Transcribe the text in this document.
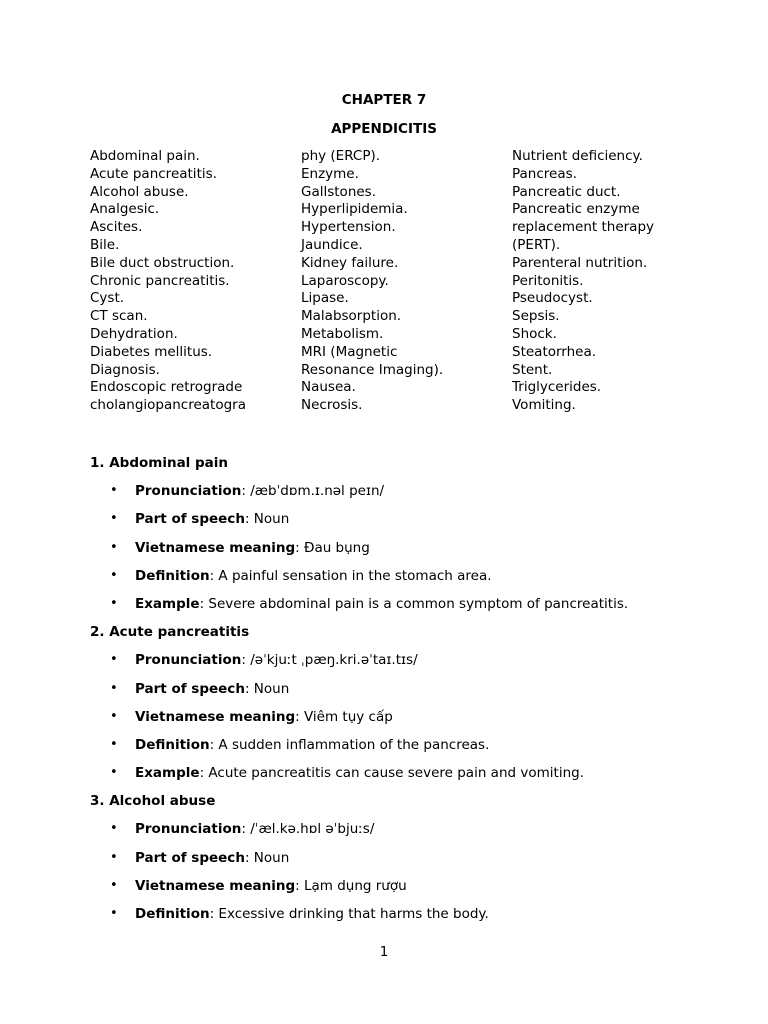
CHAPTER 7
APPENDICITIS
Abdominal pain.
Acute pancreatitis.
Alcohol abuse.
Analgesic.
Ascites.
Bile.
Bile duct obstruction.
Chronic pancreatitis.
Cyst.
CT scan.
Dehydration.
Diabetes mellitus.
Diagnosis.
Endoscopic retrograde
cholangiopancreatogra
phy (ERCP).
Enzyme.
Gallstones.
Hyperlipidemia.
Hypertension.
Jaundice.
Kidney failure.
Laparoscopy.
Lipase.
Malabsorption.
Metabolism.
MRI (Magnetic
Resonance Imaging).
Nausea.
Necrosis.
Nutrient deficiency.
Pancreas.
Pancreatic duct.
Pancreatic enzyme
replacement therapy
(PERT).
Parenteral nutrition.
Peritonitis.
Pseudocyst.
Sepsis.
Shock.
Steatorrhea.
Stent.
Triglycerides.
Vomiting.

1. Abdominal pain

• Pronunciation: /æbˈdɒm.ɪ.nəl peɪn/
• Part of speech: Noun
• Vietnamese meaning: Đau bụng
• Definition: A painful sensation in the stomach area.
• Example: Severe abdominal pain is a common symptom of pancreatitis.

2. Acute pancreatitis

• Pronunciation: /əˈkjuːt ˌpæŋ.kri.əˈtaɪ.tɪs/
• Part of speech: Noun
• Vietnamese meaning: Viêm tụy cấp
• Definition: A sudden inflammation of the pancreas.
• Example: Acute pancreatitis can cause severe pain and vomiting.

3. Alcohol abuse

• Pronunciation: /ˈæl.kə.hɒl əˈbjuːs/
• Part of speech: Noun
• Vietnamese meaning: Lạm dụng rượu
• Definition: Excessive drinking that harms the body.
1
